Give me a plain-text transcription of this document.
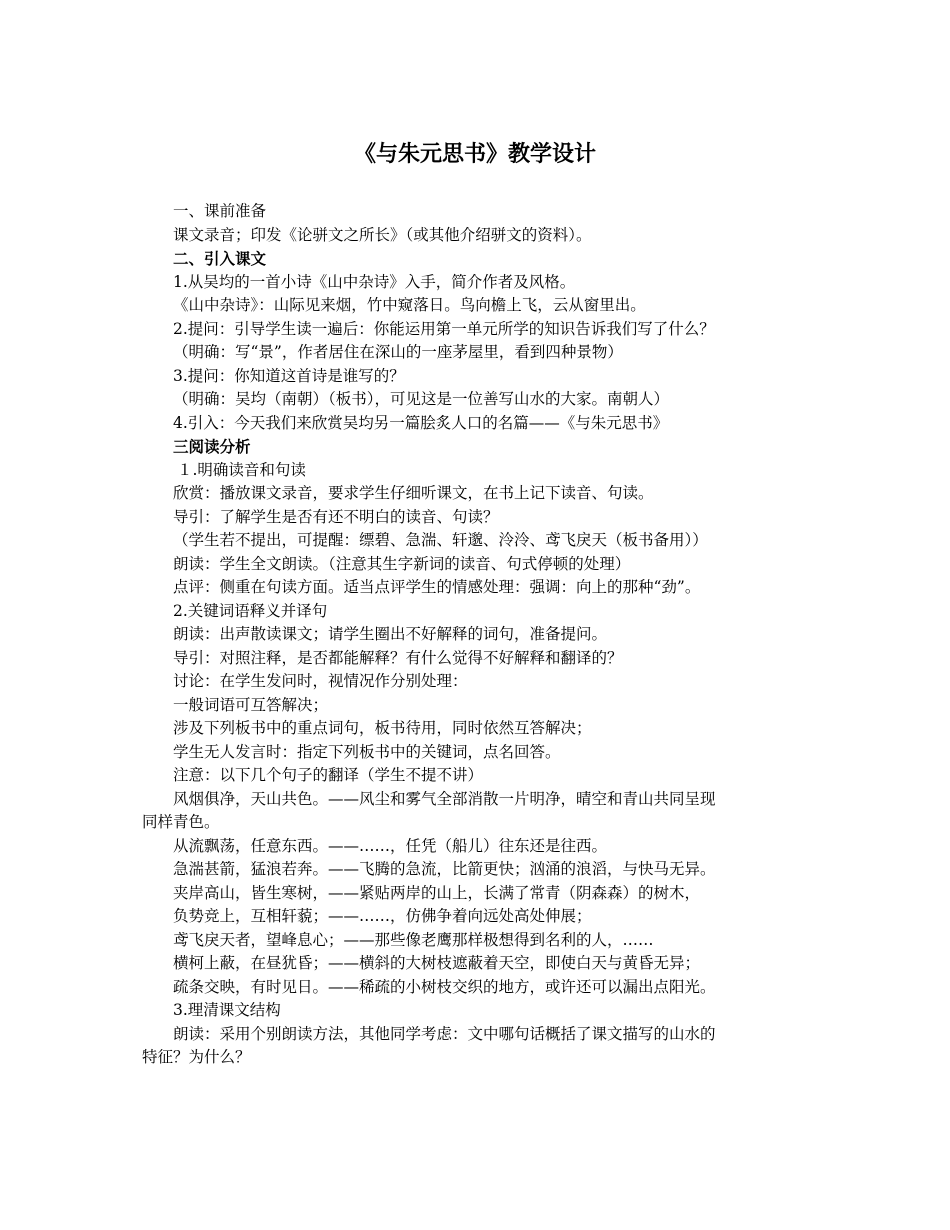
《与朱元思书》教学设计
一、课前准备
课文录音；印发《论骈文之所长》（或其他介绍骈文的资料）。
二、引入课文
1.从吴均的一首小诗《山中杂诗》入手，简介作者及风格。
《山中杂诗》：山际见来烟，竹中窥落日。鸟向檐上飞，云从窗里出。
2.提问：引导学生读一遍后：你能运用第一单元所学的知识告诉我们写了什么？
（明确：写“景”，作者居住在深山的一座茅屋里，看到四种景物）
3.提问：你知道这首诗是谁写的？
（明确：吴均（南朝）（板书），可见这是一位善写山水的大家。南朝人）
4.引入：今天我们来欣赏吴均另一篇脍炙人口的名篇——《与朱元思书》
三阅读分析
１.明确读音和句读
欣赏：播放课文录音，要求学生仔细听课文，在书上记下读音、句读。
导引：了解学生是否有还不明白的读音、句读？
（学生若不提出，可提醒：缥碧、急湍、轩邈、泠泠、鸢飞戾天（板书备用））
朗读：学生全文朗读。（注意其生字新词的读音、句式停顿的处理）
点评：侧重在句读方面。适当点评学生的情感处理：强调：向上的那种“劲”。
2.关键词语释义并译句
朗读：出声散读课文；请学生圈出不好解释的词句，准备提问。
导引：对照注释，是否都能解释？有什么觉得不好解释和翻译的？
讨论：在学生发问时，视情况作分别处理：
一般词语可互答解决；
涉及下列板书中的重点词句，板书待用，同时依然互答解决；
学生无人发言时：指定下列板书中的关键词，点名回答。
注意：以下几个句子的翻译（学生不提不讲）
风烟俱净，天山共色。——风尘和雾气全部消散一片明净，晴空和青山共同呈现
同样青色。
从流飘荡，任意东西。——……，任凭（船儿）往东还是往西。
急湍甚箭，猛浪若奔。——飞腾的急流，比箭更快；汹涌的浪滔，与快马无异。
夹岸高山，皆生寒树，——紧贴两岸的山上，长满了常青（阴森森）的树木，
负势竞上，互相轩藐；——……，仿佛争着向远处高处伸展；
鸢飞戾天者，望峰息心；——那些像老鹰那样极想得到名利的人，……
横柯上蔽，在昼犹昏；——横斜的大树枝遮蔽着天空，即使白天与黄昏无异；
疏条交映，有时见日。——稀疏的小树枝交织的地方，或许还可以漏出点阳光。
3.理清课文结构
朗读：采用个别朗读方法，其他同学考虑：文中哪句话概括了课文描写的山水的
特征？为什么？
